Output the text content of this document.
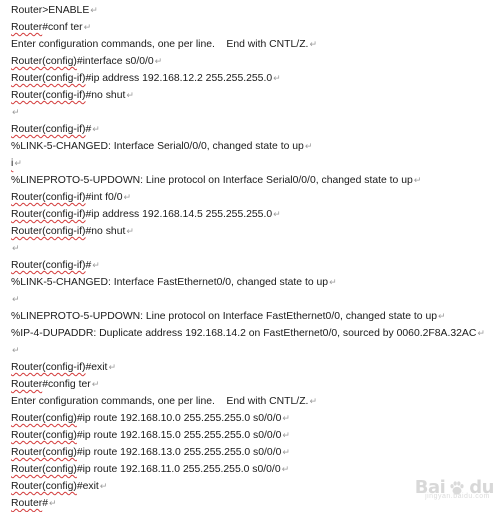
Router >ENABLE ↵
Router #conf ter ↵
Enter configuration commands, one per line.    End with CNTL/Z. ↵
Router(config) #interface s0/0/0 ↵
Router(config-if) #ip address 192.168.12.2 255.255.255.0 ↵
Router(config-if) #no shut ↵
↵
Router(config-if) # ↵
%LINK-5-CHANGED: Interface Serial0/0/0, changed state to up ↵
i ↵
%LINEPROTO-5-UPDOWN: Line protocol on Interface Serial0/0/0, changed state to up ↵
Router(config-if) #int f0/0 ↵
Router(config-if) #ip address 192.168.14.5 255.255.255.0 ↵
Router(config-if) #no shut ↵
↵
Router(config-if) # ↵
%LINK-5-CHANGED: Interface FastEthernet0/0, changed state to up ↵
↵
%LINEPROTO-5-UPDOWN: Line protocol on Interface FastEthernet0/0, changed state to up ↵
%IP-4-DUPADDR: Duplicate address 192.168.14.2 on FastEthernet0/0, sourced by 0060.2F8A.32AC ↵
↵
Router(config-if) #exit ↵
Router #config ter ↵
Enter configuration commands, one per line.    End with CNTL/Z. ↵
Router(config) #ip route 192.168.10.0 255.255.255.0 s0/0/0 ↵
Router(config) #ip route 192.168.15.0 255.255.255.0 s0/0/0 ↵
Router(config) #ip route 192.168.13.0 255.255.255.0 s0/0/0 ↵
Router(config) #ip route 192.168.11.0 255.255.255.0 s0/0/0 ↵
Router(config) #exit ↵
Router # ↵
Bai du
jingyan.baidu.com
